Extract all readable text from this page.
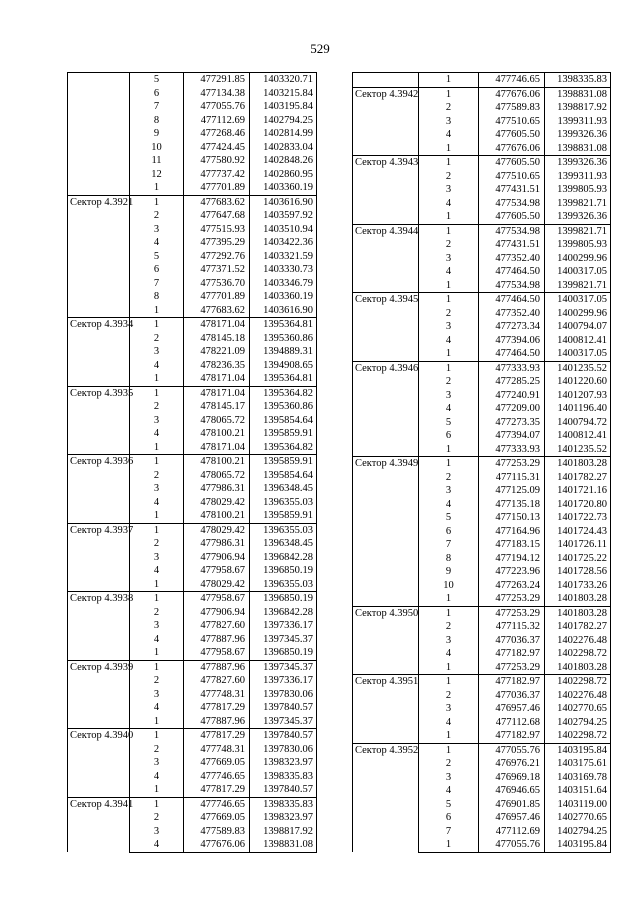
529
	5	477291.85	1403320.71
	6	477134.38	1403215.84
	7	477055.76	1403195.84
	8	477112.69	1402794.25
	9	477268.46	1402814.99
	10	477424.45	1402833.04
	11	477580.92	1402848.26
	12	477737.42	1402860.95
	1	477701.89	1403360.19
Сектор 4.3921	1	477683.62	1403616.90
	2	477647.68	1403597.92
	3	477515.93	1403510.94
	4	477395.29	1403422.36
	5	477292.76	1403321.59
	6	477371.52	1403330.73
	7	477536.70	1403346.79
	8	477701.89	1403360.19
	1	477683.62	1403616.90
Сектор 4.3934	1	478171.04	1395364.81
	2	478145.18	1395360.86
	3	478221.09	1394889.31
	4	478236.35	1394908.65
	1	478171.04	1395364.81
Сектор 4.3935	1	478171.04	1395364.82
	2	478145.17	1395360.86
	3	478065.72	1395854.64
	4	478100.21	1395859.91
	1	478171.04	1395364.82
Сектор 4.3936	1	478100.21	1395859.91
	2	478065.72	1395854.64
	3	477986.31	1396348.45
	4	478029.42	1396355.03
	1	478100.21	1395859.91
Сектор 4.3937	1	478029.42	1396355.03
	2	477986.31	1396348.45
	3	477906.94	1396842.28
	4	477958.67	1396850.19
	1	478029.42	1396355.03
Сектор 4.3938	1	477958.67	1396850.19
	2	477906.94	1396842.28
	3	477827.60	1397336.17
	4	477887.96	1397345.37
	1	477958.67	1396850.19
Сектор 4.3939	1	477887.96	1397345.37
	2	477827.60	1397336.17
	3	477748.31	1397830.06
	4	477817.29	1397840.57
	1	477887.96	1397345.37
Сектор 4.3940	1	477817.29	1397840.57
	2	477748.31	1397830.06
	3	477669.05	1398323.97
	4	477746.65	1398335.83
	1	477817.29	1397840.57
Сектор 4.3941	1	477746.65	1398335.83
	2	477669.05	1398323.97
	3	477589.83	1398817.92
	4	477676.06	1398831.08
	1	477746.65	1398335.83
Сектор 4.3942	1	477676.06	1398831.08
	2	477589.83	1398817.92
	3	477510.65	1399311.93
	4	477605.50	1399326.36
	1	477676.06	1398831.08
Сектор 4.3943	1	477605.50	1399326.36
	2	477510.65	1399311.93
	3	477431.51	1399805.93
	4	477534.98	1399821.71
	1	477605.50	1399326.36
Сектор 4.3944	1	477534.98	1399821.71
	2	477431.51	1399805.93
	3	477352.40	1400299.96
	4	477464.50	1400317.05
	1	477534.98	1399821.71
Сектор 4.3945	1	477464.50	1400317.05
	2	477352.40	1400299.96
	3	477273.34	1400794.07
	4	477394.06	1400812.41
	1	477464.50	1400317.05
Сектор 4.3946	1	477333.93	1401235.52
	2	477285.25	1401220.60
	3	477240.91	1401207.93
	4	477209.00	1401196.40
	5	477273.35	1400794.72
	6	477394.07	1400812.41
	1	477333.93	1401235.52
Сектор 4.3949	1	477253.29	1401803.28
	2	477115.31	1401782.27
	3	477125.09	1401721.16
	4	477135.18	1401720.80
	5	477150.13	1401722.73
	6	477164.96	1401724.43
	7	477183.15	1401726.11
	8	477194.12	1401725.22
	9	477223.96	1401728.56
	10	477263.24	1401733.26
	1	477253.29	1401803.28
Сектор 4.3950	1	477253.29	1401803.28
	2	477115.32	1401782.27
	3	477036.37	1402276.48
	4	477182.97	1402298.72
	1	477253.29	1401803.28
Сектор 4.3951	1	477182.97	1402298.72
	2	477036.37	1402276.48
	3	476957.46	1402770.65
	4	477112.68	1402794.25
	1	477182.97	1402298.72
Сектор 4.3952	1	477055.76	1403195.84
	2	476976.21	1403175.61
	3	476969.18	1403169.78
	4	476946.65	1403151.64
	5	476901.85	1403119.00
	6	476957.46	1402770.65
	7	477112.69	1402794.25
	1	477055.76	1403195.84
